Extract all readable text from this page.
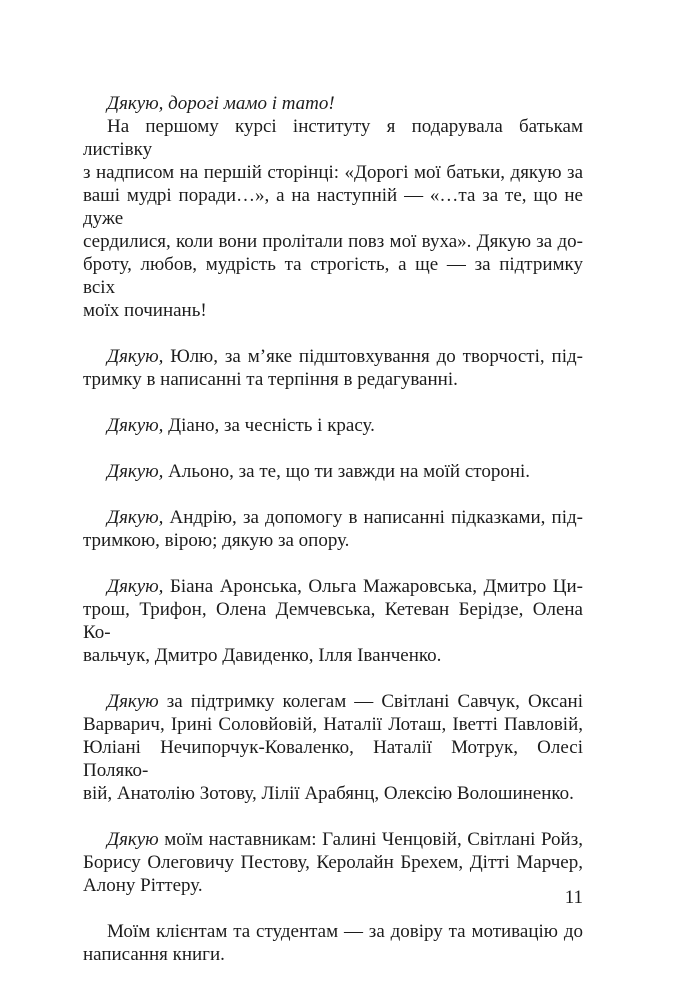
Дякую, дорогі мамо і тато!
На першому курсі інституту я подарувала батькам листівку
з надписом на першій сторінці: «Дорогі мої батьки, дякую за
ваші мудрі поради…», а на наступній — «…та за те, що не дуже
сердилися, коли вони пролітали повз мої вуха». Дякую за до-
броту, любов, мудрість та строгість, а ще — за підтримку всіх
моїх починань!
Дякую, Юлю, за м’яке підштовхування до творчості, під-
тримку в написанні та терпіння в редагуванні.
Дякую, Діано, за чесність і красу.
Дякую, Альоно, за те, що ти завжди на моїй стороні.
Дякую, Андрію, за допомогу в написанні підказками, під-
тримкою, вірою; дякую за опору.
Дякую, Біана Аронська, Ольга Мажаровська, Дмитро Ци-
трош, Трифон, Олена Демчевська, Кетеван Берідзе, Олена Ко-
вальчук, Дмитро Давиденко, Ілля Іванченко.
Дякую за підтримку колегам — Світлані Савчук, Оксані
Варварич, Ірині Соловйовій, Наталії Лоташ, Іветті Павловій,
Юліані Нечипорчук-Коваленко, Наталії Мотрук, Олесі Поляко-
вій, Анатолію Зотову, Лілії Арабянц, Олексію Волошиненко.
Дякую моїм наставникам: Галині Ченцовій, Світлані Ройз,
Борису Олеговичу Пестову, Керолайн Брехем, Дітті Марчер,
Алону Ріттеру.
Моїм клієнтам та студентам — за довіру та мотивацію до
написання книги.
11
